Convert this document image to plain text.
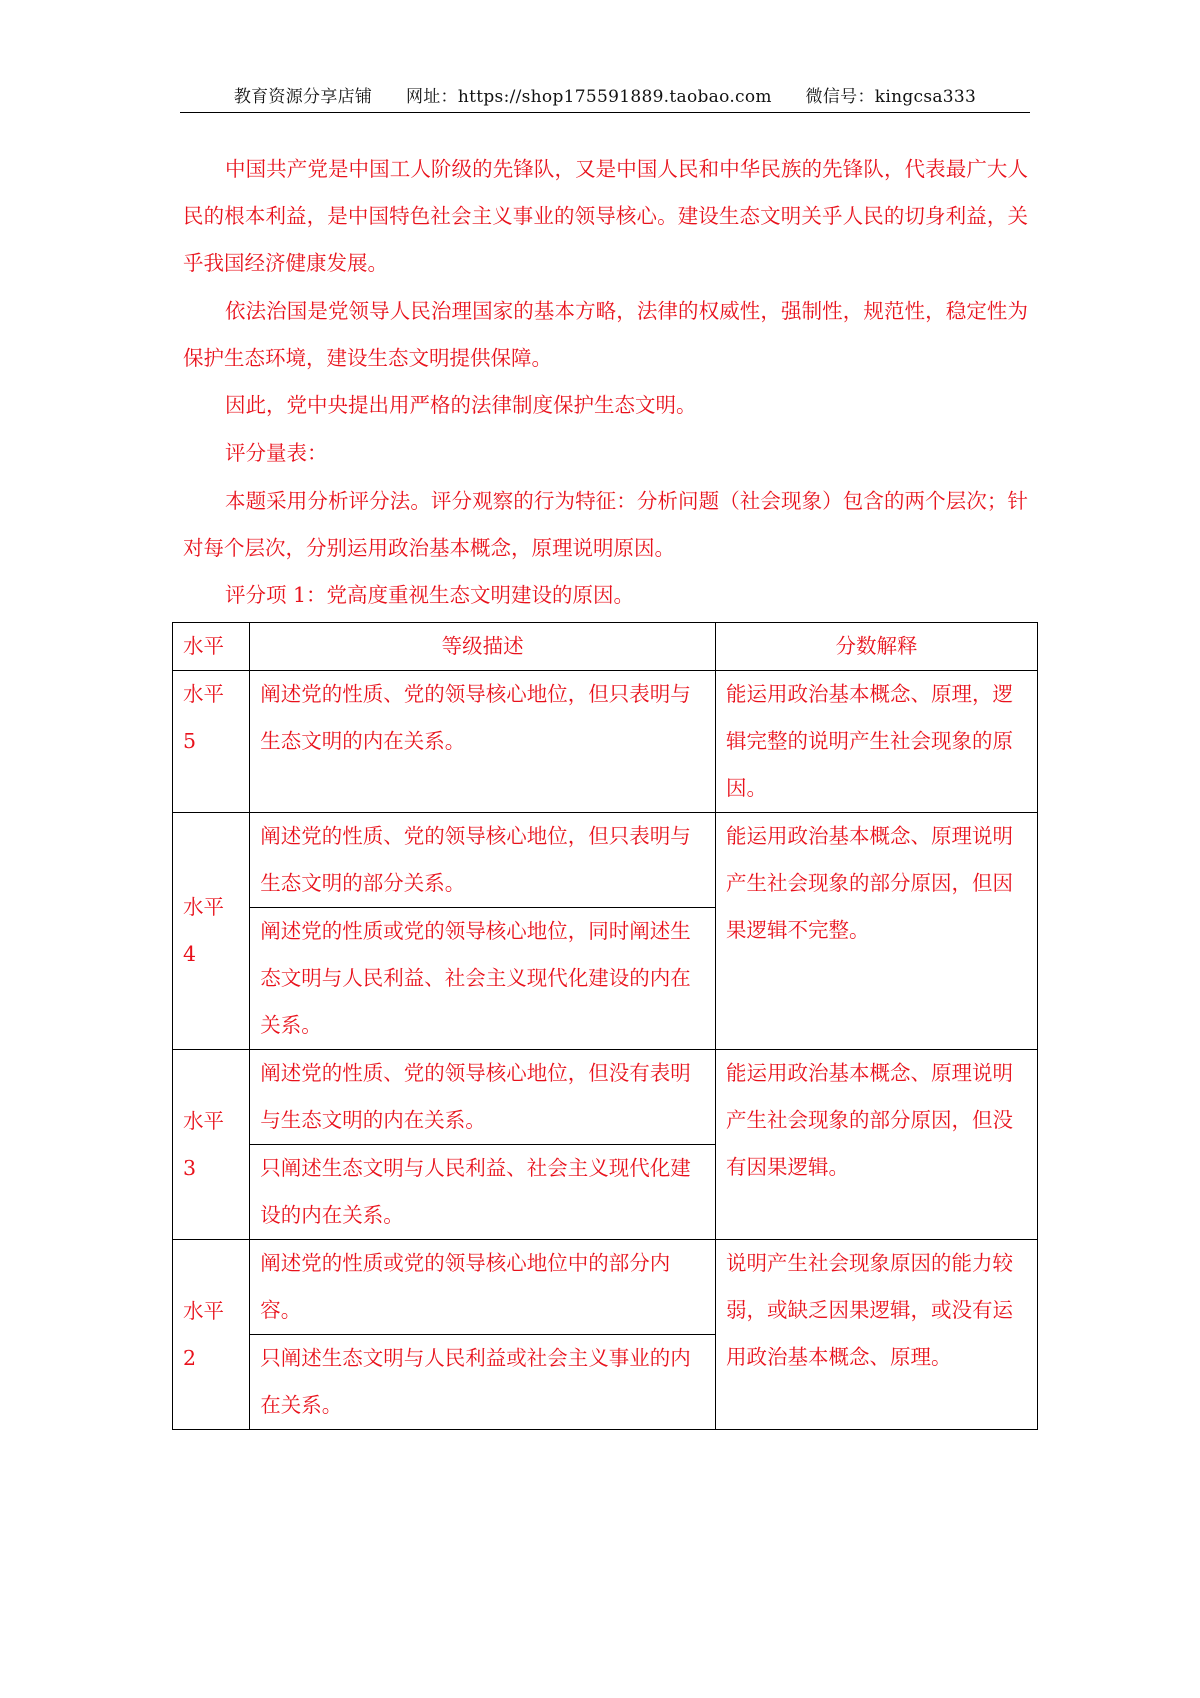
教育资源分享店铺 网址：https://shop175591889.taobao.com 微信号：kingcsa333

中国共产党是中国工人阶级的先锋队，又是中国人民和中华民族的先锋队，代表最广大人民的根本利益，是中国特色社会主义事业的领导核心。建设生态文明关乎人民的切身利益，关乎我国经济健康发展。

依法治国是党领导人民治理国家的基本方略，法律的权威性，强制性，规范性，稳定性为保护生态环境，建设生态文明提供保障。

因此，党中央提出用严格的法律制度保护生态文明。

评分量表：

本题采用分析评分法。评分观察的行为特征：分析问题（社会现象）包含的两个层次；针对每个层次，分别运用政治基本概念，原理说明原因。

评分项 1：党高度重视生态文明建设的原因。

水平	等级描述	分数解释
水平 5	阐述党的性质、党的领导核心地位，但只表明与生态文明的内在关系。	能运用政治基本概念、原理，逻辑完整的说明产生社会现象的原因。
水平 4	阐述党的性质、党的领导核心地位，但只表明与生态文明的部分关系。	能运用政治基本概念、原理说明产生社会现象的部分原因，但因果逻辑不完整。
	阐述党的性质或党的领导核心地位，同时阐述生态文明与人民利益、社会主义现代化建设的内在关系。	
水平 3	阐述党的性质、党的领导核心地位，但没有表明与生态文明的内在关系。	能运用政治基本概念、原理说明产生社会现象的部分原因，但没有因果逻辑。
	只阐述生态文明与人民利益、社会主义现代化建设的内在关系。	
水平 2	阐述党的性质或党的领导核心地位中的部分内容。	说明产生社会现象原因的能力较弱，或缺乏因果逻辑，或没有运用政治基本概念、原理。
	只阐述生态文明与人民利益或社会主义事业的内在关系。	
